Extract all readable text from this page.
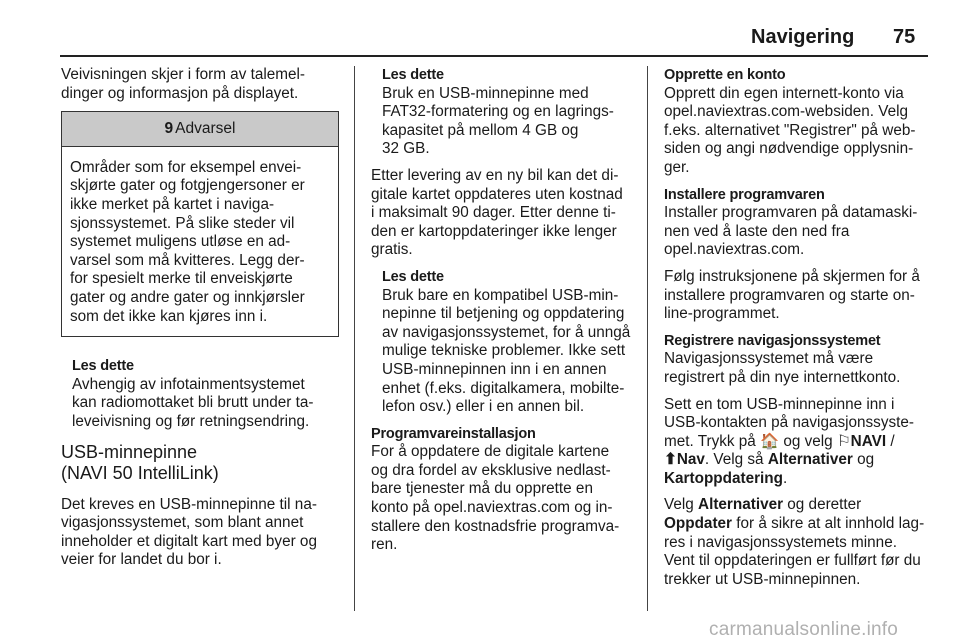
Navigering 75

Veivisningen skjer i form av talemel-
dinger og informasjon på displayet.

9 Advarsel
Områder som for eksempel envei-
skjørte gater og fotgjengersoner er
ikke merket på kartet i naviga-
sjonssystemet. På slike steder vil
systemet muligens utløse en ad-
varsel som må kvitteres. Legg der-
for spesielt merke til enveiskjørte
gater og andre gater og innkjørsler
som det ikke kan kjøres inn i.
Les dette
Avhengig av infotainmentsystemet
kan radiomottaket bli brutt under ta-
leveivisning og før retningsendring.
USB-minnepinne
(NAVI 50 IntelliLink)

Det kreves en USB-minnepinne til na-
vigasjonssystemet, som blant annet
inneholder et digitalt kart med byer og
veier for landet du bor i.

Les dette
Bruk en USB-minnepinne med
FAT32-formatering og en lagrings-
kapasitet på mellom 4 GB og
32 GB.

Etter levering av en ny bil kan det di-
gitale kartet oppdateres uten kostnad
i maksimalt 90 dager. Etter denne ti-
den er kartoppdateringer ikke lenger
gratis.

Les dette
Bruk bare en kompatibel USB-min-
nepinne til betjening og oppdatering
av navigasjonssystemet, for å unngå
mulige tekniske problemer. Ikke sett
USB-minnepinnen inn i en annen
enhet (f.eks. digitalkamera, mobilte-
lefon osv.) eller i en annen bil.
Programvareinstallasjon

For å oppdatere de digitale kartene
og dra fordel av eksklusive nedlast-
bare tjenester må du opprette en
konto på opel.naviextras.com og in-
stallere den kostnadsfrie programva-
ren.

Opprette en konto

Opprett din egen internett-konto via
opel.naviextras.com-websiden. Velg
f.eks. alternativet "Registrer" på web-
siden og angi nødvendige opplysnin-
ger.

Installere programvaren

Installer programvaren på datamaski-
nen ved å laste den ned fra
opel.naviextras.com.

Følg instruksjonene på skjermen for å
installere programvaren og starte on-
line-programmet.

Registrere navigasjonssystemet

Navigasjonssystemet må være
registrert på din nye internettkonto.

Sett en tom USB-minnepinne inn i
USB-kontakten på navigasjonssyste-
met. Trykk på 🏠 og velg ⚐NAVI /
⬆Nav. Velg så Alternativer og
Kartoppdatering.

Velg Alternativer og deretter
Oppdater for å sikre at alt innhold lag-
res i navigasjonssystemets minne.
Vent til oppdateringen er fullført før du
trekker ut USB-minnepinnen.

carmanualsonline.info
